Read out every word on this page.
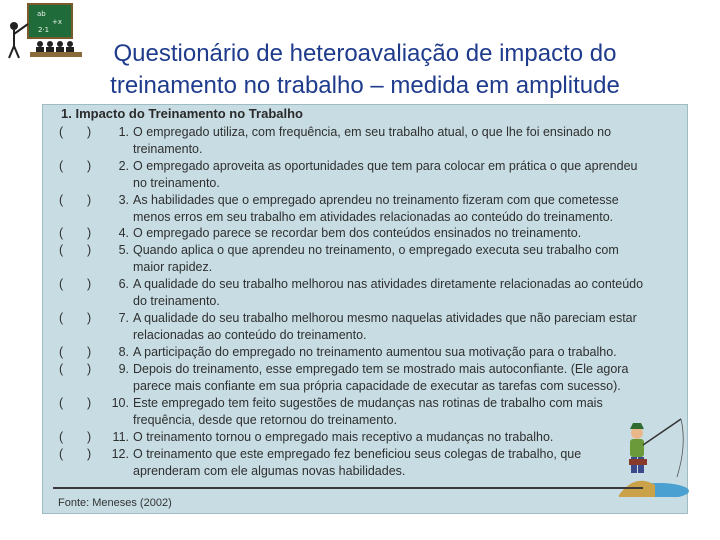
ab
+x
2·1
Questionário de heteroavaliação de impacto do
treinamento no trabalho – medida em amplitude
1. Impacto do Treinamento no Trabalho
( )	1. O empregado utiliza, com frequência, em seu trabalho atual, o que lhe foi ensinado no
treinamento.
( )	2. O empregado aproveita as oportunidades que tem para colocar em prática o que aprendeu
no treinamento.
( )	3. As habilidades que o empregado aprendeu no treinamento fizeram com que cometesse
menos erros em seu trabalho em atividades relacionadas ao conteúdo do treinamento.
( )	4. O empregado parece se recordar bem dos conteúdos ensinados no treinamento.
( )	5. Quando aplica o que aprendeu no treinamento, o empregado executa seu trabalho com
maior rapidez.
( )	6. A qualidade do seu trabalho melhorou nas atividades diretamente relacionadas ao conteúdo
do treinamento.
( )	7. A qualidade do seu trabalho melhorou mesmo naquelas atividades que não pareciam estar
relacionadas ao conteúdo do treinamento.
( )	8. A participação do empregado no treinamento aumentou sua motivação para o trabalho.
( )	9. Depois do treinamento, esse empregado tem se mostrado mais autoconfiante. (Ele agora
parece mais confiante em sua própria capacidade de executar as tarefas com sucesso).
( )	10. Este empregado tem feito sugestões de mudanças nas rotinas de trabalho com mais
frequência, desde que retornou do treinamento.
( )	11. O treinamento tornou o empregado mais receptivo a mudanças no trabalho.
( )	12. O treinamento que este empregado fez beneficiou seus colegas de trabalho, que
aprenderam com ele algumas novas habilidades.
Fonte: Meneses (2002)
